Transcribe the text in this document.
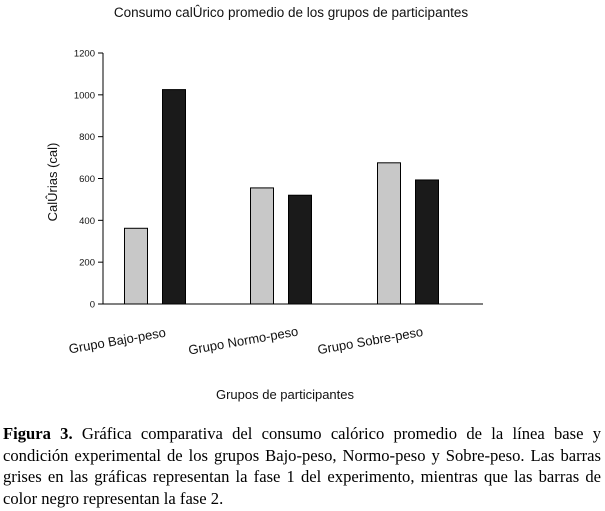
Consumo calÛrico promedio de los grupos de participantes
CalÛrias (cal)
Grupos de participantes
0
200
400
600
800
1000
1200
Grupo Bajo-peso Grupo Normo-peso Grupo Sobre-peso

Figura 3. Gráfica comparativa del consumo calórico promedio de la línea base y condición experimental de los grupos Bajo-peso, Normo-peso y Sobre-peso. Las barras grises en las gráficas representan la fase 1 del experimento, mientras que las barras de color negro representan la fase 2.
